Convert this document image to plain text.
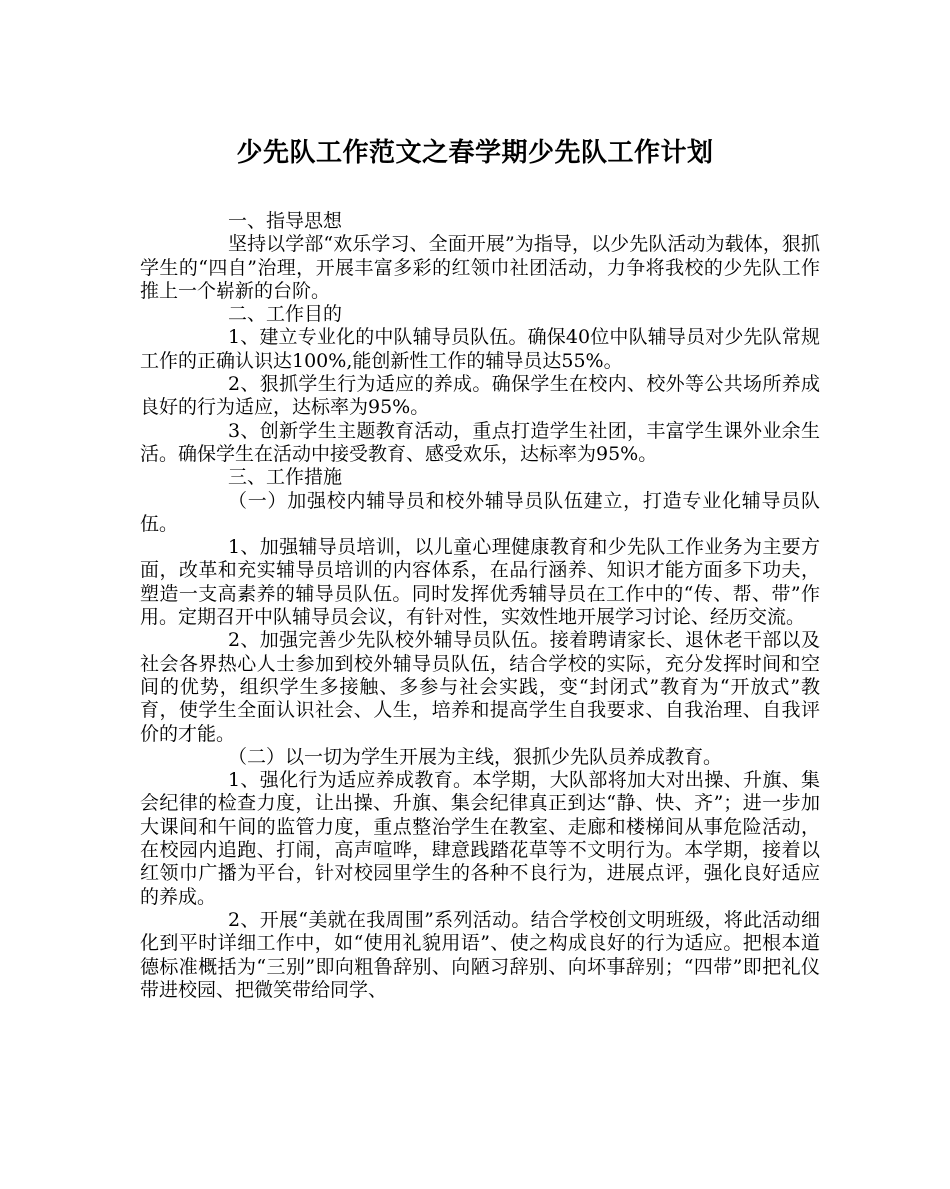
少先队工作范文之春学期少先队工作计划

一、指导思想

坚持以学部“欢乐学习、全面开展”为指导，以少先队活动为载体，狠抓学生的“四自”治理，开展丰富多彩的红领巾社团活动，力争将我校的少先队工作推上一个崭新的台阶。

二、工作目的

1、建立专业化的中队辅导员队伍。确保40位中队辅导员对少先队常规工作的正确认识达100%,能创新性工作的辅导员达55%。

2、狠抓学生行为适应的养成。确保学生在校内、校外等公共场所养成良好的行为适应，达标率为95%。

3、创新学生主题教育活动，重点打造学生社团，丰富学生课外业余生活。确保学生在活动中接受教育、感受欢乐，达标率为95%。

三、工作措施

（一）加强校内辅导员和校外辅导员队伍建立，打造专业化辅导员队伍。

1、加强辅导员培训，以儿童心理健康教育和少先队工作业务为主要方面，改革和充实辅导员培训的内容体系，在品行涵养、知识才能方面多下功夫，塑造一支高素养的辅导员队伍。同时发挥优秀辅导员在工作中的“传、帮、带”作用。定期召开中队辅导员会议，有针对性，实效性地开展学习讨论、经历交流。

2、加强完善少先队校外辅导员队伍。接着聘请家长、退休老干部以及社会各界热心人士参加到校外辅导员队伍，结合学校的实际，充分发挥时间和空间的优势，组织学生多接触、多参与社会实践，变“封闭式”教育为“开放式”教育，使学生全面认识社会、人生，培养和提高学生自我要求、自我治理、自我评价的才能。

（二）以一切为学生开展为主线，狠抓少先队员养成教育。

1、强化行为适应养成教育。本学期，大队部将加大对出操、升旗、集会纪律的检查力度，让出操、升旗、集会纪律真正到达“静、快、齐”；进一步加大课间和午间的监管力度，重点整治学生在教室、走廊和楼梯间从事危险活动，在校园内追跑、打闹，高声喧哗，肆意践踏花草等不文明行为。本学期，接着以红领巾广播为平台，针对校园里学生的各种不良行为，进展点评，强化良好适应的养成。

2、开展“美就在我周围”系列活动。结合学校创文明班级，将此活动细化到平时详细工作中，如“使用礼貌用语”、使之构成良好的行为适应。把根本道德标准概括为“三别”即向粗鲁辞别、向陋习辞别、向坏事辞别；“四带”即把礼仪带进校园、把微笑带给同学、
